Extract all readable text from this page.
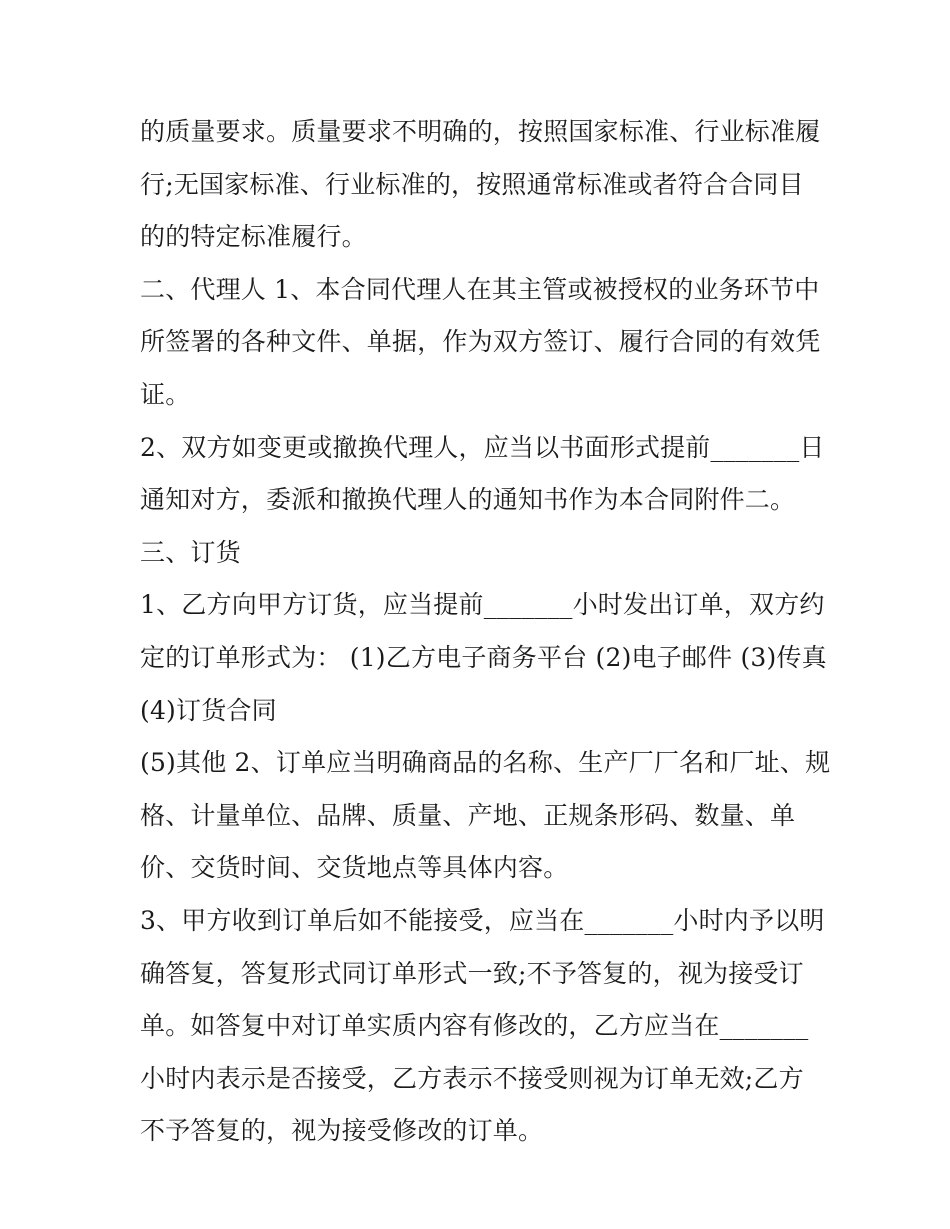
的质量要求。质量要求不明确的，按照国家标准、行业标准履
行;无国家标准、行业标准的，按照通常标准或者符合合同目
的的特定标准履行。
二、代理人 1、本合同代理人在其主管或被授权的业务环节中
所签署的各种文件、单据，作为双方签订、履行合同的有效凭
证。
2、双方如变更或撤换代理人，应当以书面形式提前_______日
通知对方，委派和撤换代理人的通知书作为本合同附件二。
三、订货
1、乙方向甲方订货，应当提前_______小时发出订单，双方约
定的订单形式为： (1)乙方电子商务平台 (2)电子邮件 (3)传真
(4)订货合同
(5)其他 2、订单应当明确商品的名称、生产厂厂名和厂址、规
格、计量单位、品牌、质量、产地、正规条形码、数量、单
价、交货时间、交货地点等具体内容。
3、甲方收到订单后如不能接受，应当在_______小时内予以明
确答复，答复形式同订单形式一致;不予答复的，视为接受订
单。如答复中对订单实质内容有修改的，乙方应当在_______
小时内表示是否接受，乙方表示不接受则视为订单无效;乙方
不予答复的，视为接受修改的订单。
